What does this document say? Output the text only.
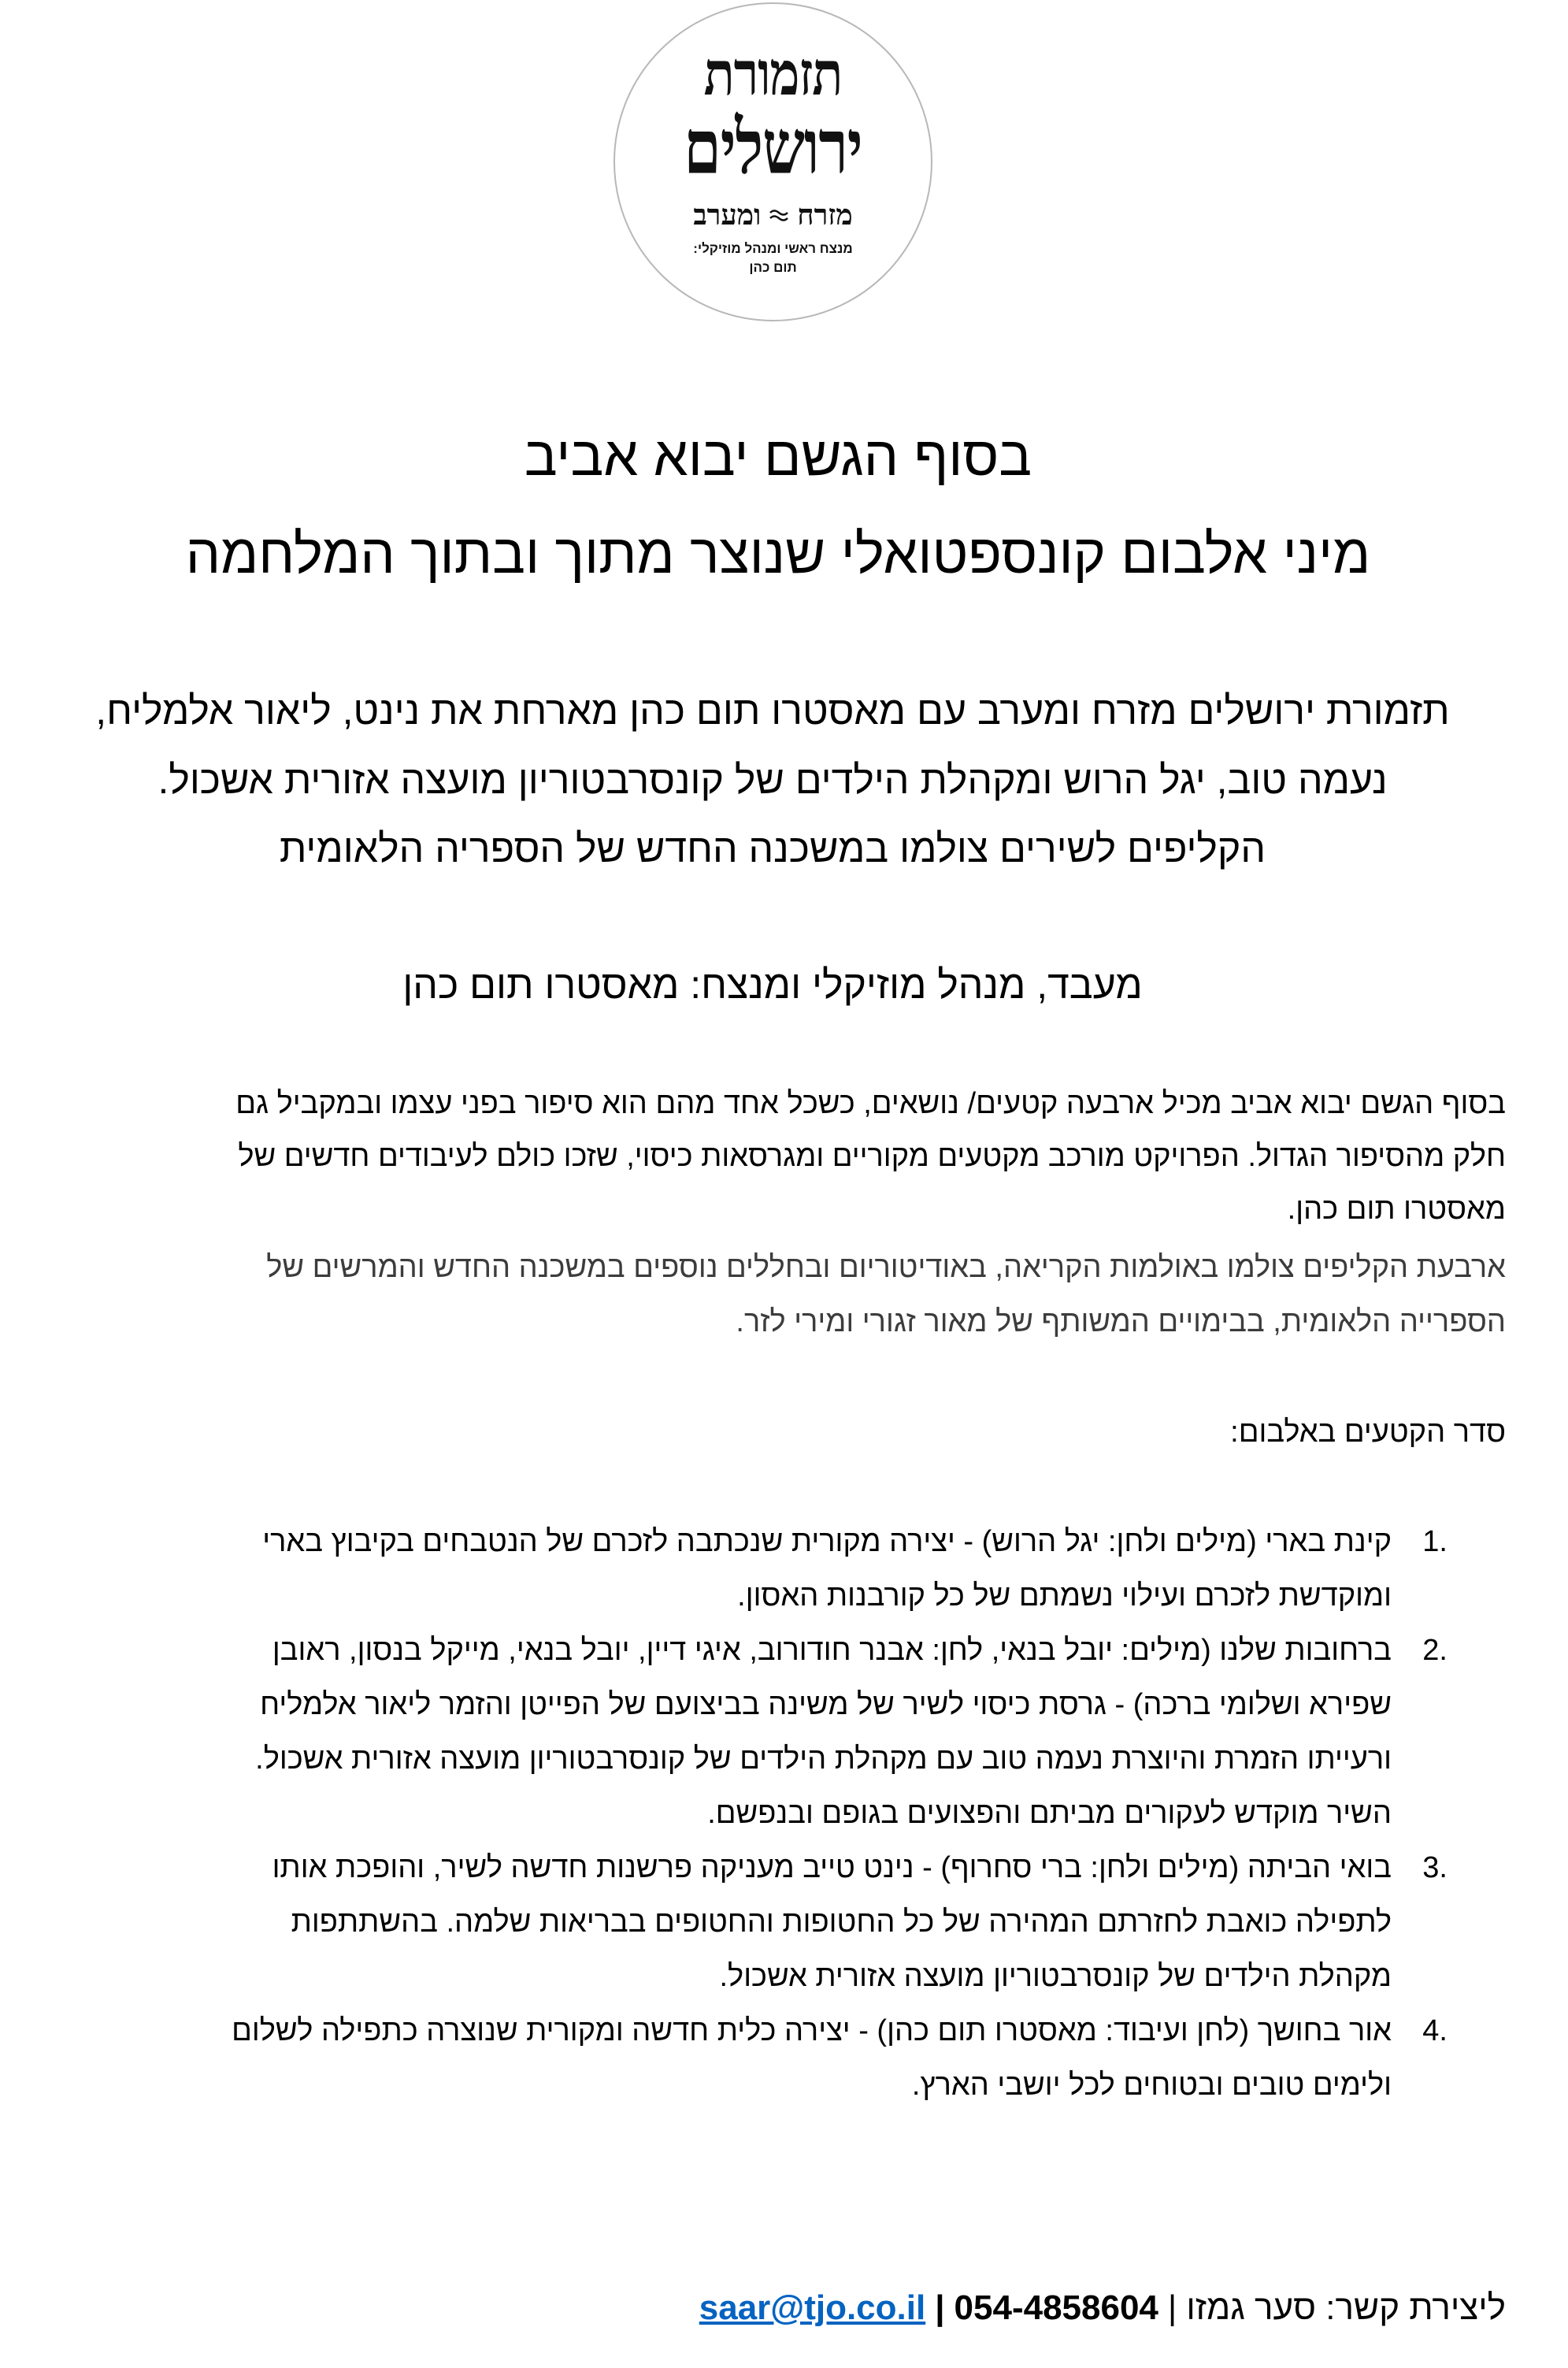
תזמורת
ירושלים
מזרח
ומערב
מנצח ראשי ומנהל מוזיקלי:
תום כהן
בסוף הגשם יבוא אביב
מיני אלבום קונספטואלי שנוצר מתוך ובתוך המלחמה
תזמורת ירושלים מזרח ומערב עם מאסטרו תום כהן מארחת את נינט, ליאור אלמליח,
נעמה טוב, יגל הרוש ומקהלת הילדים של קונסרבטוריון מועצה אזורית אשכול.
הקליפים לשירים צולמו במשכנה החדש של הספריה הלאומית
מעבד, מנהל מוזיקלי ומנצח: מאסטרו תום כהן
בסוף הגשם יבוא אביב מכיל ארבעה קטעים/ נושאים, כשכל אחד מהם הוא סיפור בפני עצמו ובמקביל גם
חלק מהסיפור הגדול. הפרויקט מורכב מקטעים מקוריים ומגרסאות כיסוי, שזכו כולם לעיבודים חדשים של
מאסטרו תום כהן.
ארבעת הקליפים צולמו באולמות הקריאה, באודיטוריום ובחללים נוספים במשכנה החדש והמרשים של
הספרייה הלאומית, בבימויים המשותף של מאור זגורי ומירי לזר.
סדר הקטעים באלבום:
1.
קינת בארי (מילים ולחן: יגל הרוש) - יצירה מקורית שנכתבה לזכרם של הנטבחים בקיבוץ בארי
ומוקדשת לזכרם ועילוי נשמתם של כל קורבנות האסון.
2.
ברחובות שלנו (מילים: יובל בנאי, לחן: אבנר חודורוב, איגי דיין, יובל בנאי, מייקל בנסון, ראובן
שפירא ושלומי ברכה) - גרסת כיסוי לשיר של משינה בביצועם של הפייטן והזמר ליאור אלמליח
ורעייתו הזמרת והיוצרת נעמה טוב עם מקהלת הילדים של קונסרבטוריון מועצה אזורית אשכול.
השיר מוקדש לעקורים מביתם והפצועים בגופם ובנפשם.
3.
בואי הביתה (מילים ולחן: ברי סחרוף) - נינט טייב מעניקה פרשנות חדשה לשיר, והופכת אותו
לתפילה כואבת לחזרתם המהירה של כל החטופות והחטופים בבריאות שלמה. בהשתתפות
מקהלת הילדים של קונסרבטוריון מועצה אזורית אשכול.
4.
אור בחושך (לחן ועיבוד: מאסטרו תום כהן) - יצירה כלית חדשה ומקורית שנוצרה כתפילה לשלום
ולימים טובים ובטוחים לכל יושבי הארץ.
ליצירת קשר: סער גמזו
|
054-4858604
|
saar@tjo.co.il
